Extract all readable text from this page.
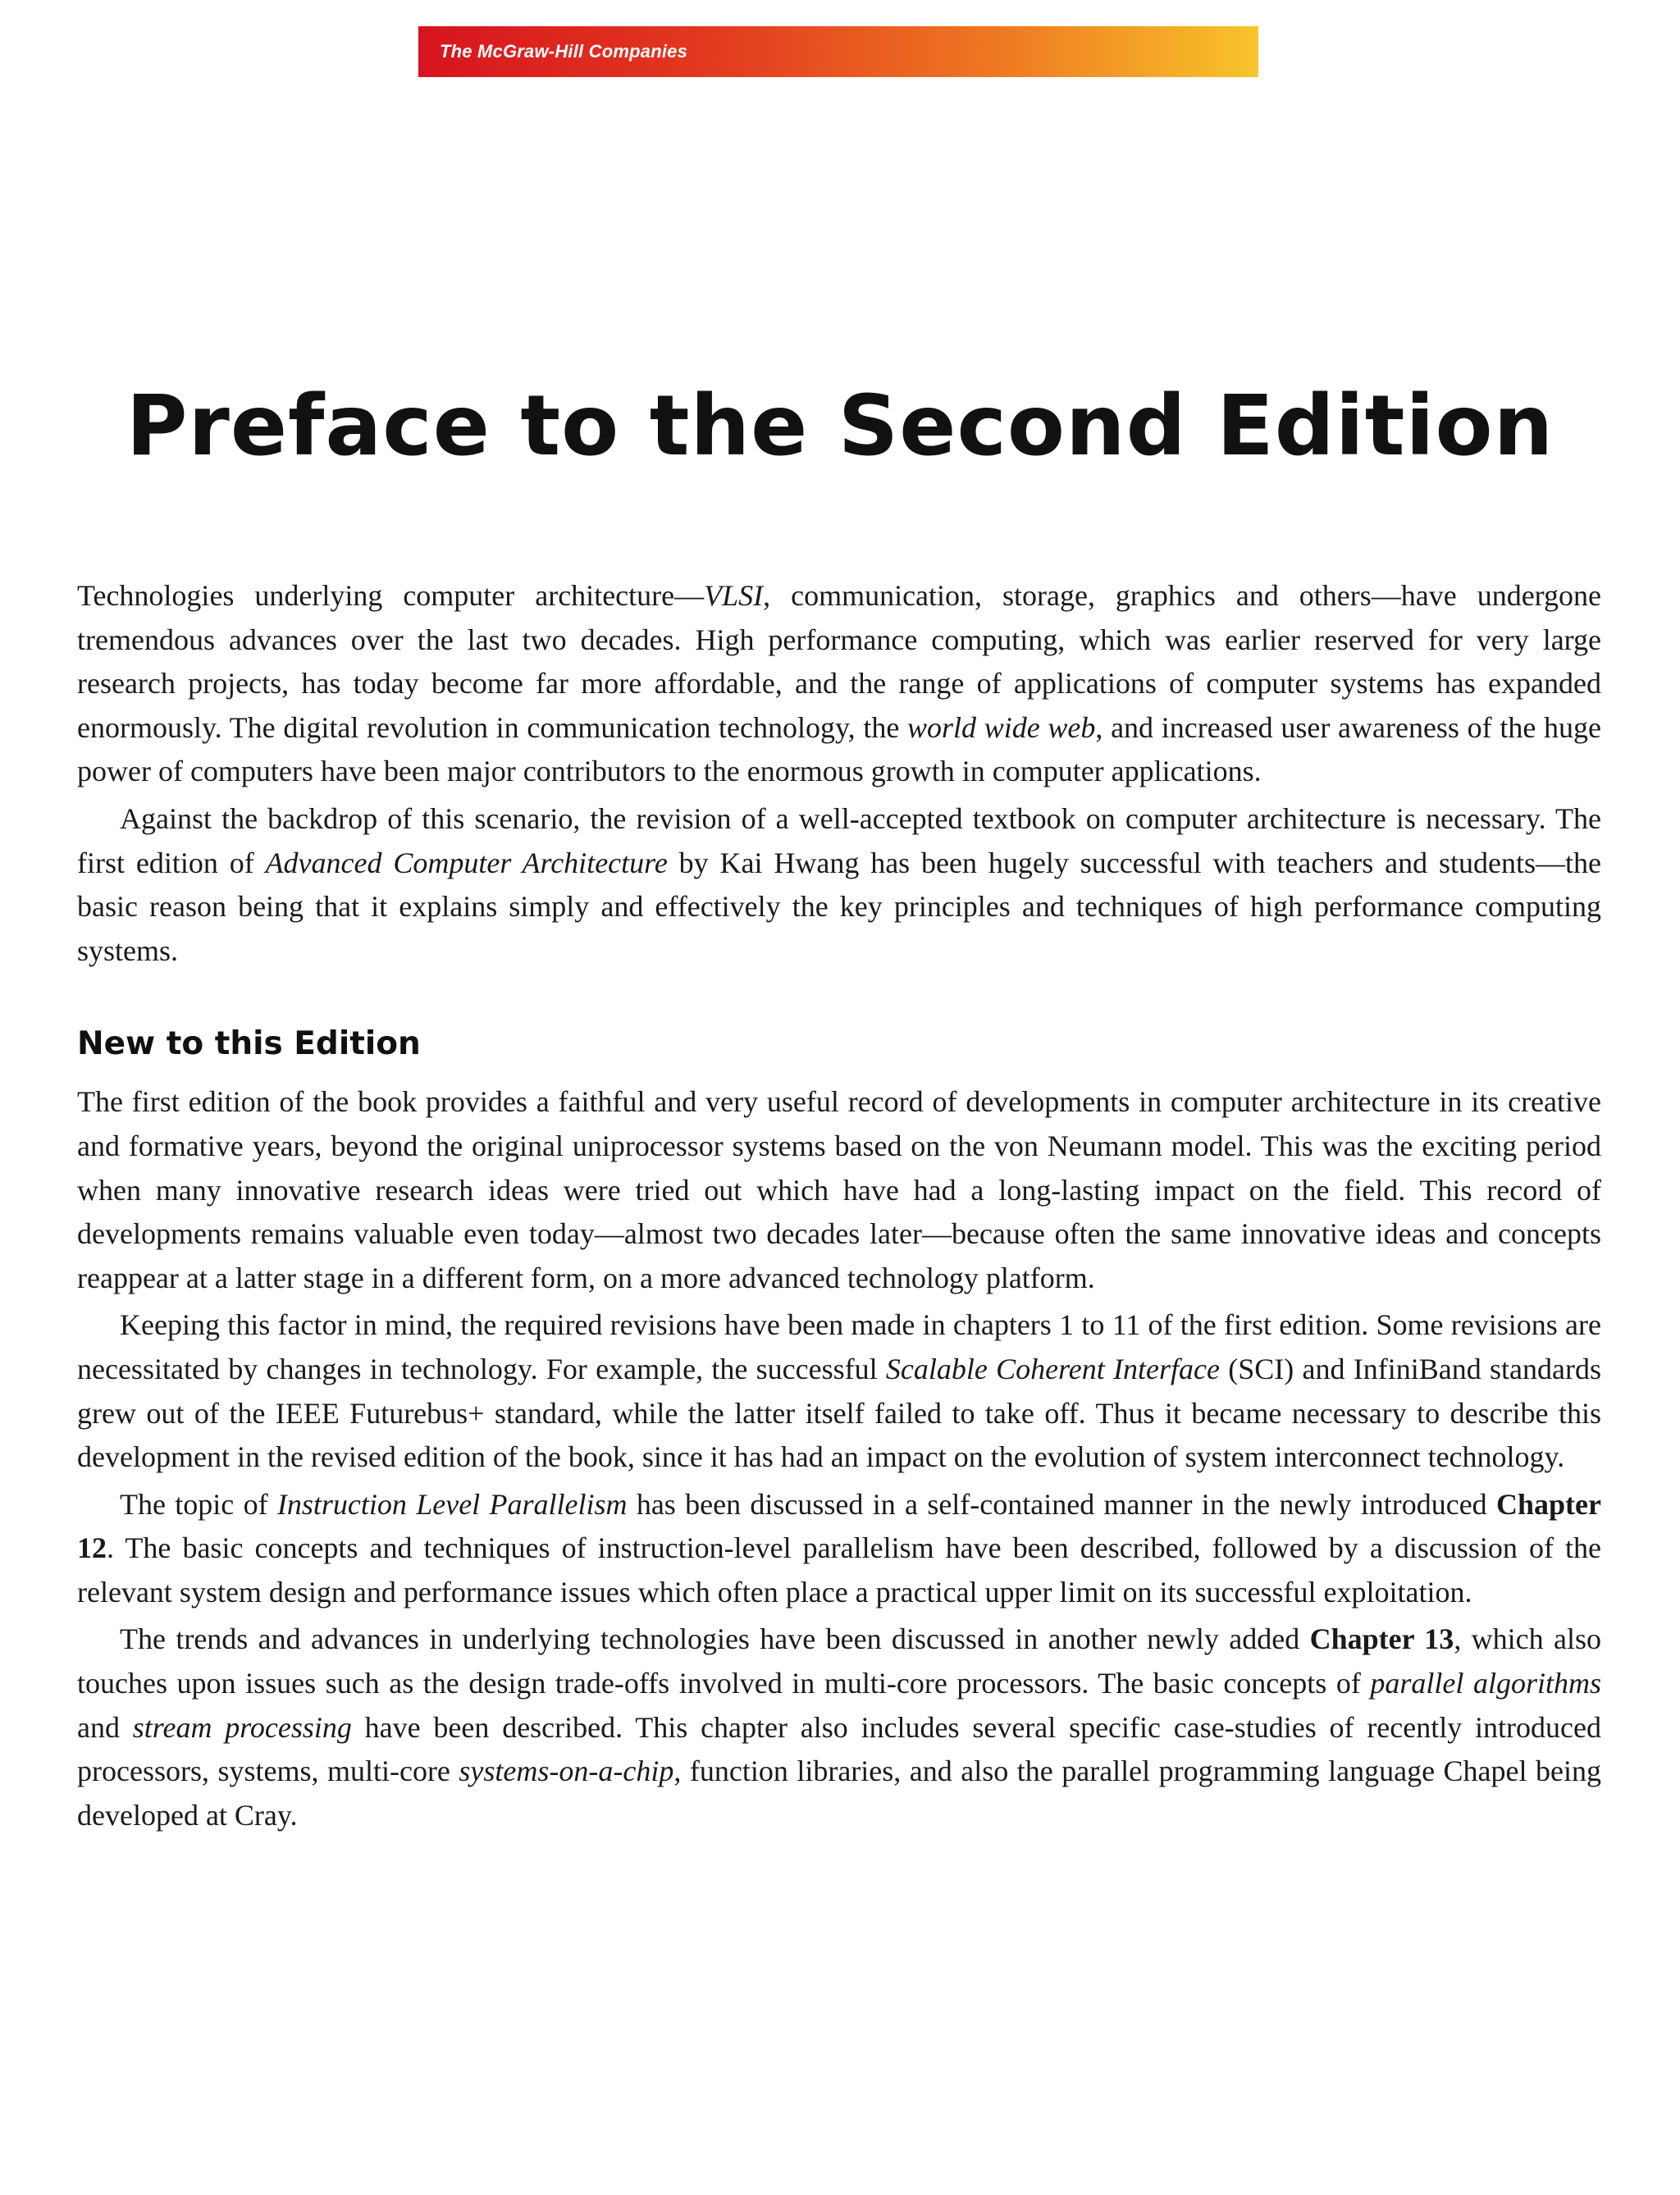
The McGraw-Hill Companies
Preface to the Second Edition

Technologies underlying computer architecture—VLSI, communication, storage, graphics and others—have undergone tremendous advances over the last two decades. High performance computing, which was earlier reserved for very large research projects, has today become far more affordable, and the range of applications of computer systems has expanded enormously. The digital revolution in communication technology, the world wide web, and increased user awareness of the huge power of computers have been major contributors to the enormous growth in computer applications.

Against the backdrop of this scenario, the revision of a well-accepted textbook on computer architecture is necessary. The first edition of Advanced Computer Architecture by Kai Hwang has been hugely successful with teachers and students—the basic reason being that it explains simply and effectively the key principles and techniques of high performance computing systems.

New to this Edition

The first edition of the book provides a faithful and very useful record of developments in computer architecture in its creative and formative years, beyond the original uniprocessor systems based on the von Neumann model. This was the exciting period when many innovative research ideas were tried out which have had a long-lasting impact on the field. This record of developments remains valuable even today—almost two decades later—because often the same innovative ideas and concepts reappear at a latter stage in a different form, on a more advanced technology platform.

Keeping this factor in mind, the required revisions have been made in chapters 1 to 11 of the first edition. Some revisions are necessitated by changes in technology. For example, the successful Scalable Coherent Interface (SCI) and InfiniBand standards grew out of the IEEE Futurebus+ standard, while the latter itself failed to take off. Thus it became necessary to describe this development in the revised edition of the book, since it has had an impact on the evolution of system interconnect technology.

The topic of Instruction Level Parallelism has been discussed in a self-contained manner in the newly introduced Chapter 12. The basic concepts and techniques of instruction-level parallelism have been described, followed by a discussion of the relevant system design and performance issues which often place a practical upper limit on its successful exploitation.

The trends and advances in underlying technologies have been discussed in another newly added Chapter 13, which also touches upon issues such as the design trade-offs involved in multi-core processors. The basic concepts of parallel algorithms and stream processing have been described. This chapter also includes several specific case-studies of recently introduced processors, systems, multi-core systems-on-a-chip, function libraries, and also the parallel programming language Chapel being developed at Cray.
